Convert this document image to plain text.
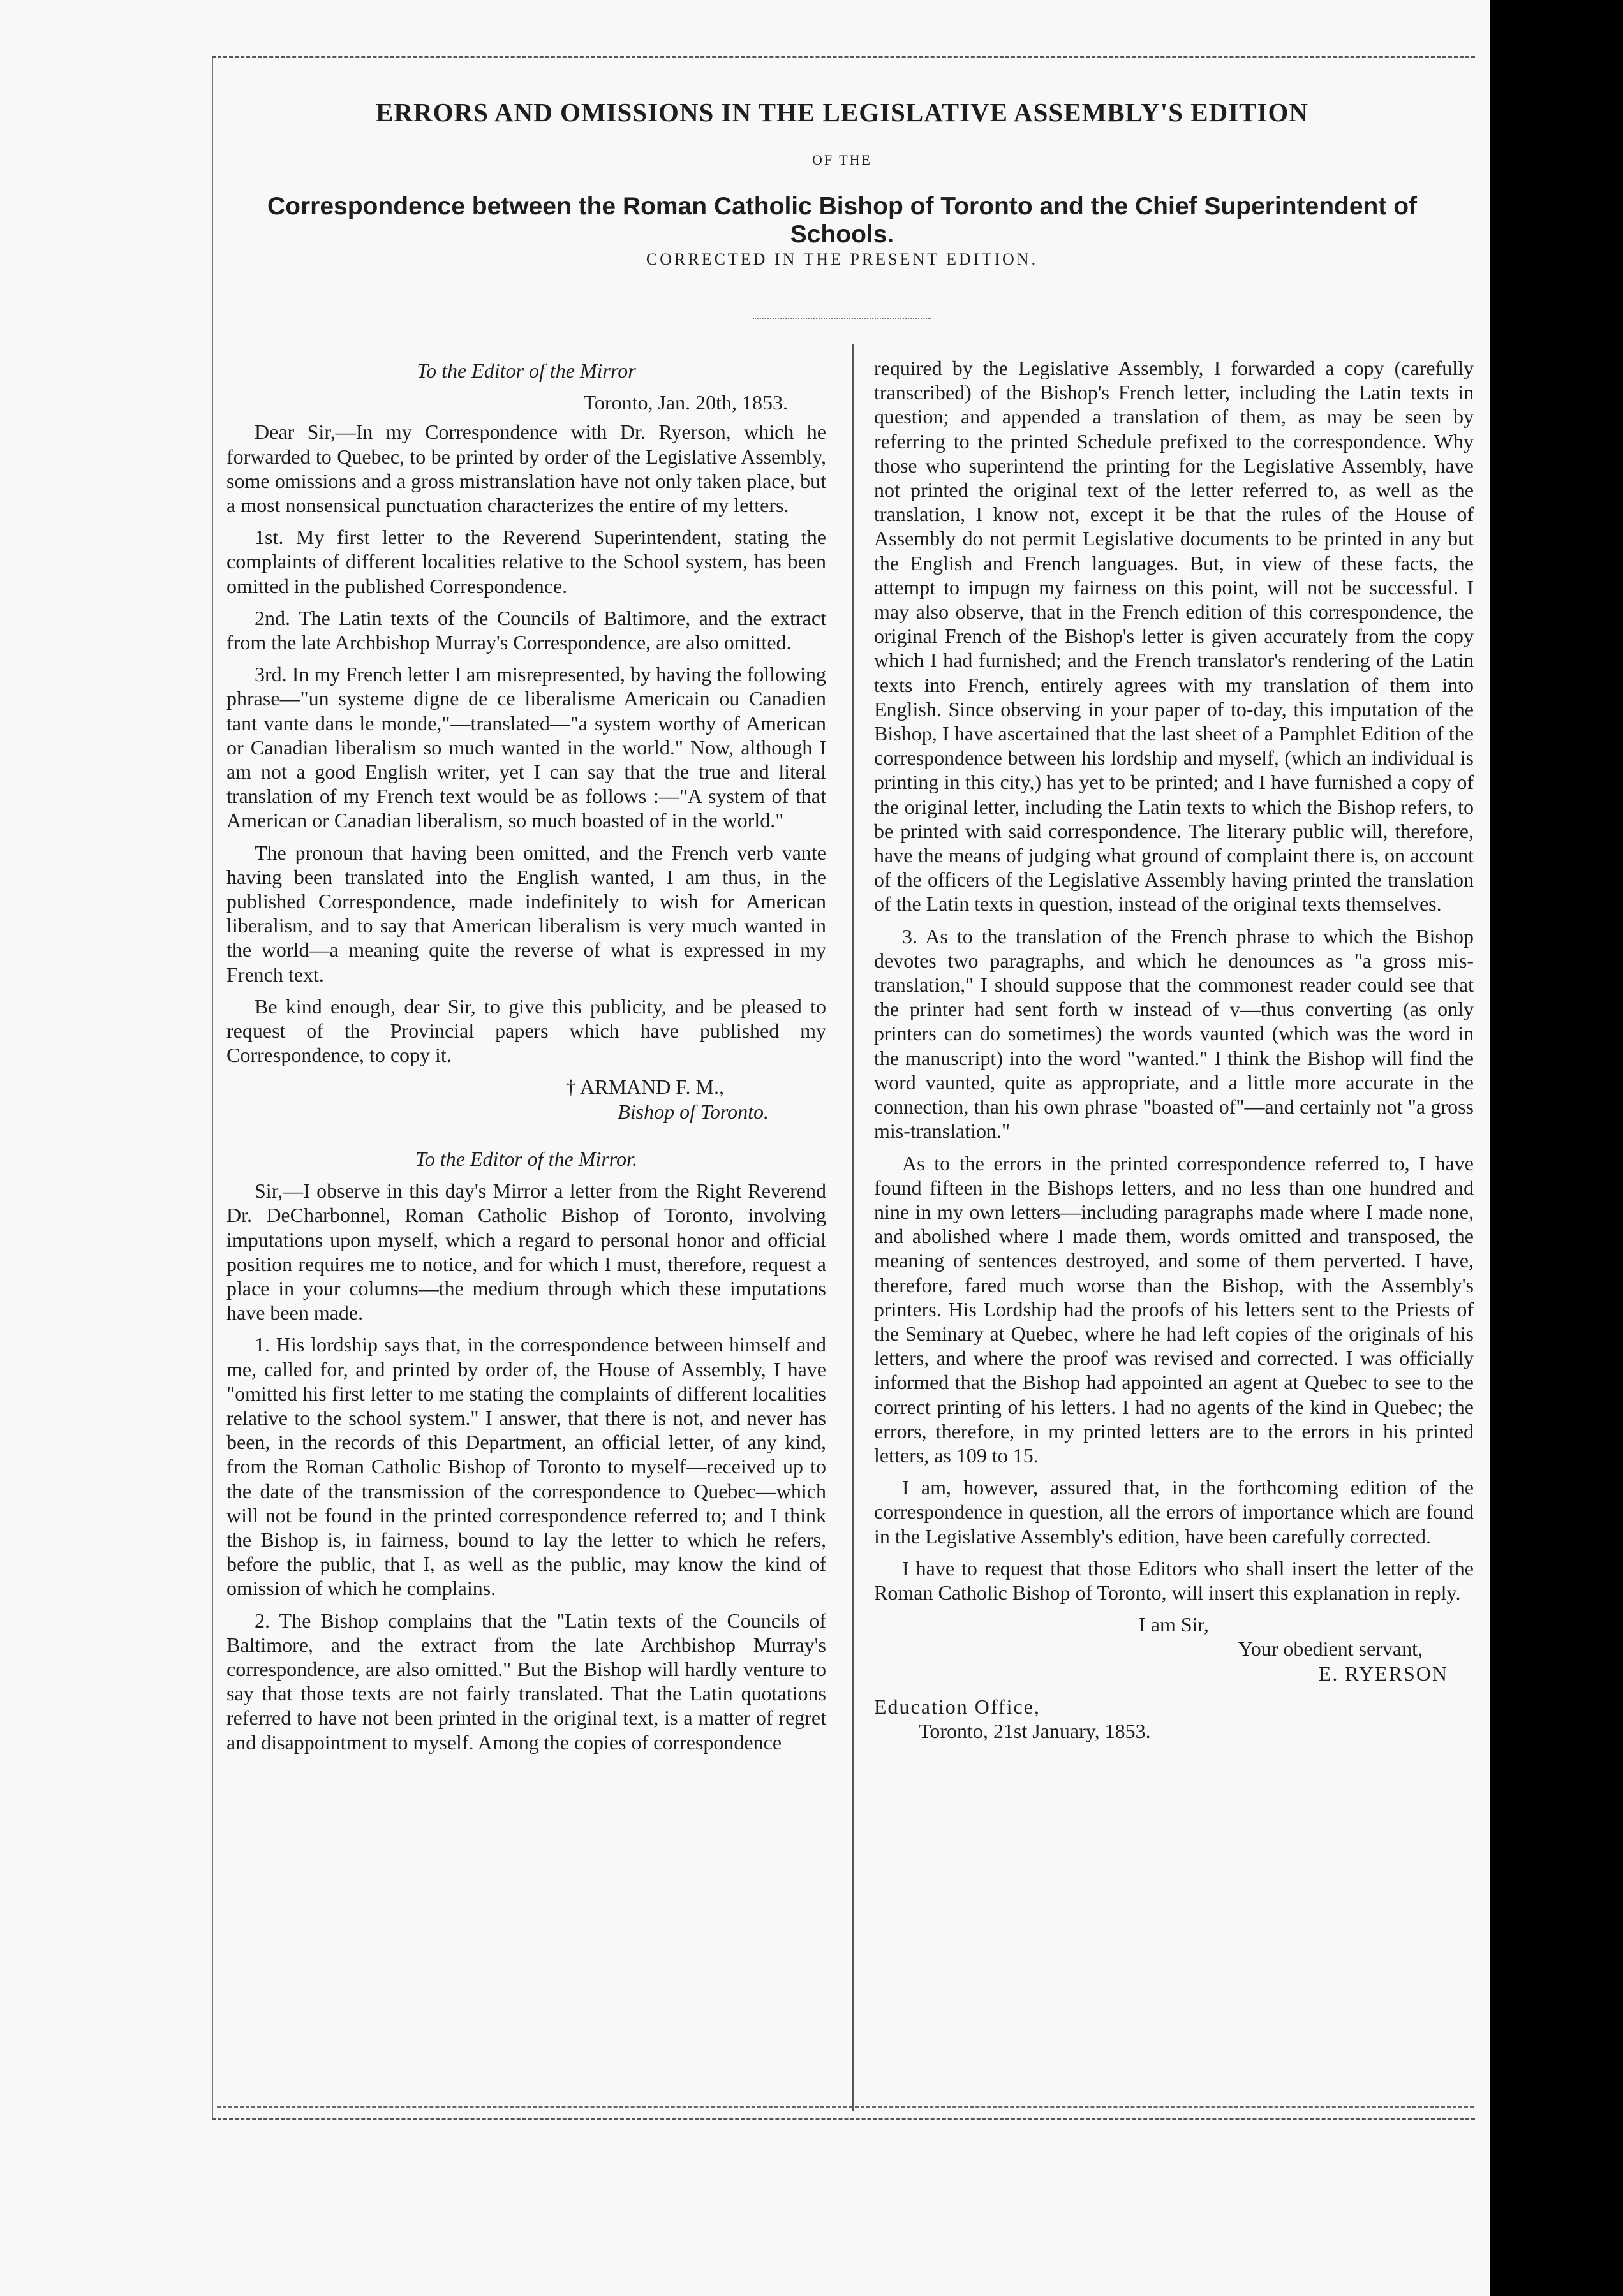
ERRORS AND OMISSIONS IN THE LEGISLATIVE ASSEMBLY'S EDITION
OF THE
Correspondence between the Roman Catholic Bishop of Toronto and the Chief Superintendent of Schools.
CORRECTED IN THE PRESENT EDITION.
To the Editor of the Mirror
Toronto, Jan. 20th, 1853.

Dear Sir,—In my Correspondence with Dr. Ryerson, which he forwarded to Quebec, to be printed by order of the Legislative Assembly, some omissions and a gross mistranslation have not only taken place, but a most nonsensical punctuation characterizes the entire of my letters.

1st. My first letter to the Reverend Superintendent, stating the complaints of different localities relative to the School system, has been omitted in the published Correspondence.

2nd. The Latin texts of the Councils of Baltimore, and the extract from the late Archbishop Murray's Correspondence, are also omitted.

3rd. In my French letter I am misrepresented, by having the following phrase—"un systeme digne de ce liberalisme Americain ou Canadien tant vante dans le monde,"—translated—"a system worthy of American or Canadian liberalism so much wanted in the world." Now, although I am not a good English writer, yet I can say that the true and literal translation of my French text would be as follows :—"A system of that American or Canadian liberalism, so much boasted of in the world."

The pronoun that having been omitted, and the French verb vante having been translated into the English wanted, I am thus, in the published Correspondence, made indefinitely to wish for American liberalism, and to say that American liberalism is very much wanted in the world—a meaning quite the reverse of what is expressed in my French text.

Be kind enough, dear Sir, to give this publicity, and be pleased to request of the Provincial papers which have published my Correspondence, to copy it.

† ARMAND F. M.,
Bishop of Toronto.
To the Editor of the Mirror.

Sir,—I observe in this day's Mirror a letter from the Right Reverend Dr. DeCharbonnel, Roman Catholic Bishop of Toronto, involving imputations upon myself, which a regard to personal honor and official position requires me to notice, and for which I must, therefore, request a place in your columns—the medium through which these imputations have been made.

1. His lordship says that, in the correspondence between himself and me, called for, and printed by order of, the House of Assembly, I have "omitted his first letter to me stating the complaints of different localities relative to the school system." I answer, that there is not, and never has been, in the records of this Department, an official letter, of any kind, from the Roman Catholic Bishop of Toronto to myself—received up to the date of the transmission of the correspondence to Quebec—which will not be found in the printed correspondence referred to; and I think the Bishop is, in fairness, bound to lay the letter to which he refers, before the public, that I, as well as the public, may know the kind of omission of which he complains.

2. The Bishop complains that the "Latin texts of the Councils of Baltimore, and the extract from the late Archbishop Murray's correspondence, are also omitted." But the Bishop will hardly venture to say that those texts are not fairly translated. That the Latin quotations referred to have not been printed in the original text, is a matter of regret and disappointment to myself. Among the copies of correspondence

required by the Legislative Assembly, I forwarded a copy (carefully transcribed) of the Bishop's French letter, including the Latin texts in question; and appended a translation of them, as may be seen by referring to the printed Schedule prefixed to the correspondence. Why those who superintend the printing for the Legislative Assembly, have not printed the original text of the letter referred to, as well as the translation, I know not, except it be that the rules of the House of Assembly do not permit Legislative documents to be printed in any but the English and French languages. But, in view of these facts, the attempt to impugn my fairness on this point, will not be successful. I may also observe, that in the French edition of this correspondence, the original French of the Bishop's letter is given accurately from the copy which I had furnished; and the French translator's rendering of the Latin texts into French, entirely agrees with my translation of them into English. Since observing in your paper of to-day, this imputation of the Bishop, I have ascertained that the last sheet of a Pamphlet Edition of the correspondence between his lordship and myself, (which an individual is printing in this city,) has yet to be printed; and I have furnished a copy of the original letter, including the Latin texts to which the Bishop refers, to be printed with said correspondence. The literary public will, therefore, have the means of judging what ground of complaint there is, on account of the officers of the Legislative Assembly having printed the translation of the Latin texts in question, instead of the original texts themselves.

3. As to the translation of the French phrase to which the Bishop devotes two paragraphs, and which he denounces as "a gross mis-translation," I should suppose that the commonest reader could see that the printer had sent forth w instead of v—thus converting (as only printers can do sometimes) the words vaunted (which was the word in the manuscript) into the word "wanted." I think the Bishop will find the word vaunted, quite as appropriate, and a little more accurate in the connection, than his own phrase "boasted of"—and certainly not "a gross mis-translation."

As to the errors in the printed correspondence referred to, I have found fifteen in the Bishops letters, and no less than one hundred and nine in my own letters—including paragraphs made where I made none, and abolished where I made them, words omitted and transposed, the meaning of sentences destroyed, and some of them perverted. I have, therefore, fared much worse than the Bishop, with the Assembly's printers. His Lordship had the proofs of his letters sent to the Priests of the Seminary at Quebec, where he had left copies of the originals of his letters, and where the proof was revised and corrected. I was officially informed that the Bishop had appointed an agent at Quebec to see to the correct printing of his letters. I had no agents of the kind in Quebec; the errors, therefore, in my printed letters are to the errors in his printed letters, as 109 to 15.

I am, however, assured that, in the forthcoming edition of the correspondence in question, all the errors of importance which are found in the Legislative Assembly's edition, have been carefully corrected.

I have to request that those Editors who shall insert the letter of the Roman Catholic Bishop of Toronto, will insert this explanation in reply.

I am Sir,
Your obedient servant,
E. RYERSON
Education Office,
Toronto, 21st January, 1853.
